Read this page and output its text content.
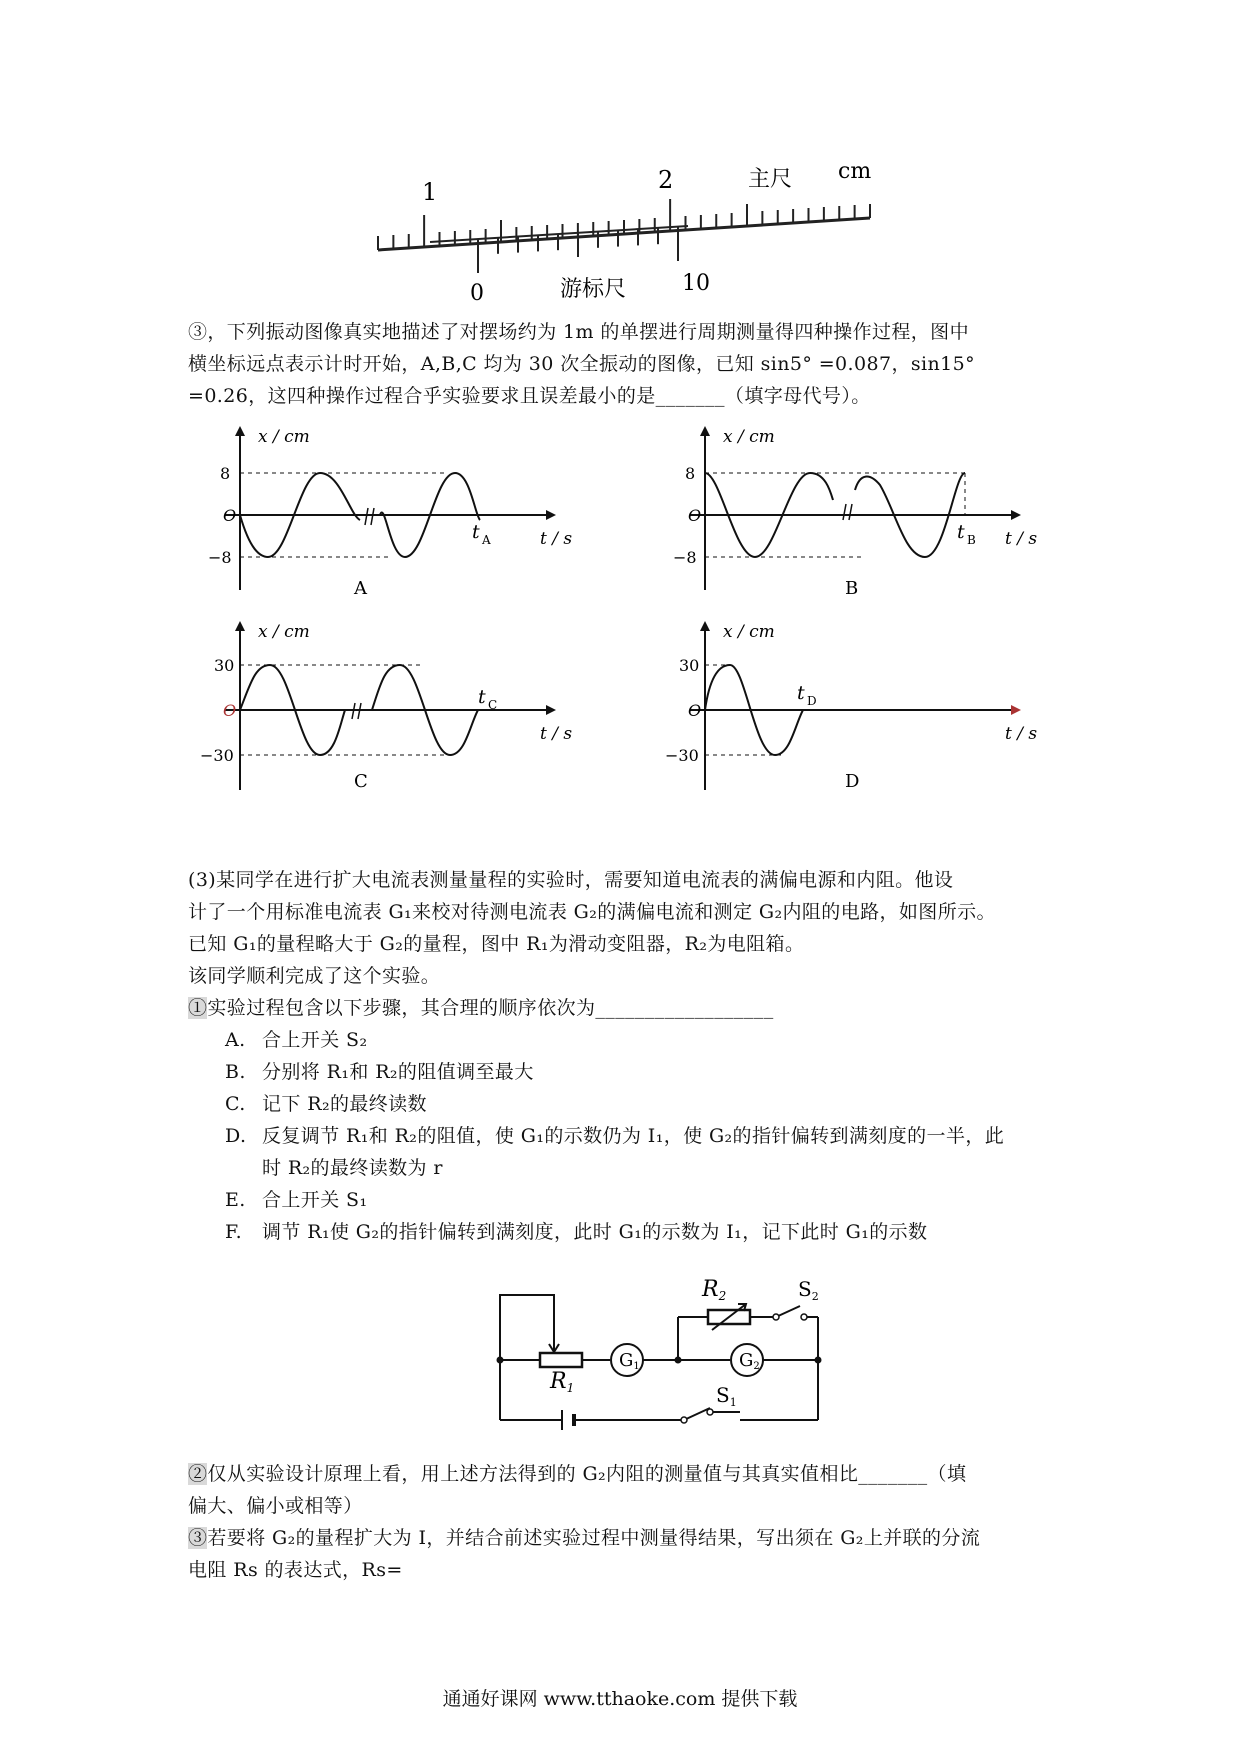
1	2	主尺 cm
0	10
游标尺
③，下列振动图像真实地描述了对摆场约为 1m 的单摆进行周期测量得四种操作过程，图中
横坐标远点表示计时开始，A,B,C 均为 30 次全振动的图像，已知 sin5° =0.087，sin15°
=0.26，这四种操作过程合乎实验要求且误差最小的是_______（填字母代号）。
x / cm
t / s
O
8
−8
t A
A
x / cm
t / s
O
8
−8
t B
B
x / cm
t / s
O
30
−30
t C
C
x / cm
t / s
O
30
−30
t D
D
(3)某同学在进行扩大电流表测量量程的实验时，需要知道电流表的满偏电源和内阻。他设
计了一个用标准电流表 G₁来校对待测电流表 G₂的满偏电流和测定 G₂内阻的电路，如图所示。
已知 G₁的量程略大于 G₂的量程，图中 R₁为滑动变阻器，R₂为电阻箱。
该同学顺利完成了这个实验。
①实验过程包含以下步骤，其合理的顺序依次为__________________
A. 合上开关 S₂
B. 分别将 R₁和 R₂的阻值调至最大
C. 记下 R₂的最终读数
D. 反复调节 R₁和 R₂的阻值，使 G₁的示数仍为 I₁，使 G₂的指针偏转到满刻度的一半，此
时 R₂的最终读数为 r
E. 合上开关 S₁
F. 调节 R₁使 G₂的指针偏转到满刻度，此时 G₁的示数为 I₁，记下此时 G₁的示数
R1
R2
G1	G2
$S_1$
$S_2$
②仅从实验设计原理上看，用上述方法得到的 G₂内阻的测量值与其真实值相比_______（填
偏大、偏小或相等）
③若要将 G₂的量程扩大为 I，并结合前述实验过程中测量得结果，写出须在 G₂上并联的分流
电阻 Rs 的表达式，Rs=
通通好课网 www.tthaoke.com 提供下载
